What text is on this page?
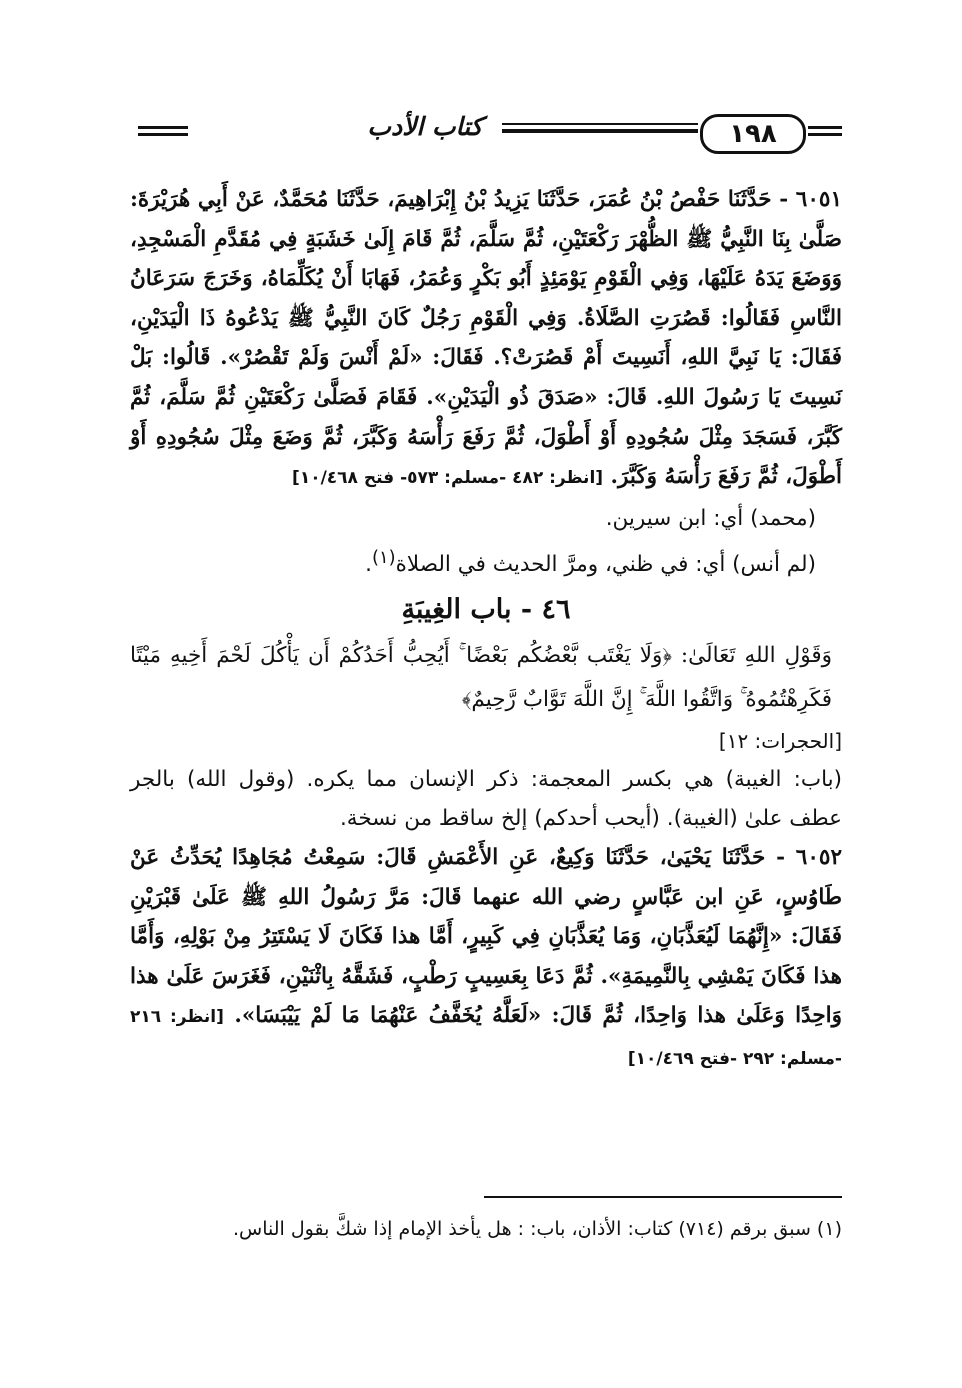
١٩٨
كتاب الأدب

٦٠٥١ - حَدَّثَنَا حَفْصُ بْنُ عُمَرَ، حَدَّثَنَا يَزِيدُ بْنُ إِبْرَاهِيمَ، حَدَّثَنَا مُحَمَّدٌ، عَنْ أَبِي هُرَيْرَةَ: صَلَّىٰ بِنَا النَّبِيُّ ﷺ الظُّهْرَ رَكْعَتَيْنِ، ثُمَّ سَلَّمَ، ثُمَّ قَامَ إِلَىٰ خَشَبَةٍ فِي مُقَدَّمِ الْمَسْجِدِ، وَوَضَعَ يَدَهُ عَلَيْهَا، وَفِي الْقَوْمِ يَوْمَئِذٍ أَبُو بَكْرٍ وَعُمَرُ، فَهَابَا أَنْ يُكَلِّمَاهُ، وَخَرَجَ سَرَعَانُ النَّاسِ فَقَالُوا: قَصُرَتِ الصَّلَاةُ. وَفِي الْقَوْمِ رَجُلٌ كَانَ النَّبِيُّ ﷺ يَدْعُوهُ ذَا الْيَدَيْنِ، فَقَالَ: يَا نَبِيَّ اللهِ، أَنَسِيتَ أَمْ قَصُرَتْ؟. فَقَالَ: «لَمْ أَنْسَ وَلَمْ تَقْصُرْ». قَالُوا: بَلْ نَسِيتَ يَا رَسُولَ اللهِ. قَالَ: «صَدَقَ ذُو الْيَدَيْنِ». فَقَامَ فَصَلَّىٰ رَكْعَتَيْنِ ثُمَّ سَلَّمَ، ثُمَّ كَبَّرَ، فَسَجَدَ مِثْلَ سُجُودِهِ أَوْ أَطْوَلَ، ثُمَّ رَفَعَ رَأْسَهُ وَكَبَّرَ، ثُمَّ وَضَعَ مِثْلَ سُجُودِهِ أَوْ أَطْوَلَ، ثُمَّ رَفَعَ رَأْسَهُ وَكَبَّرَ. [انظر: ٤٨٢ -مسلم: ٥٧٣- فتح ١٠/٤٦٨]

(محمد) أي: ابن سيرين.

(لم أنس) أي: في ظني، ومرَّ الحديث في الصلاة$^{(١)}$.

٤٦ - باب الغِيبَةِ

وَقَوْلِ اللهِ تَعَالَىٰ: ﴿وَلَا يَغْتَب بَّعْضُكُم بَعْضًا ۚ أَيُحِبُّ أَحَدُكُمْ أَن يَأْكُلَ لَحْمَ أَخِيهِ مَيْتًا فَكَرِهْتُمُوهُ ۚ وَاتَّقُوا اللَّهَ ۚ إِنَّ اللَّهَ تَوَّابٌ رَّحِيمٌ﴾

[الحجرات: ١٢]

(باب: الغيبة) هي بكسر المعجمة: ذكر الإنسان مما يكره. (وقول الله) بالجر عطف علىٰ (الغيبة). (أيحب أحدكم) إلخ ساقط من نسخة.

٦٠٥٢ - حَدَّثَنَا يَحْيَىٰ، حَدَّثَنَا وَكِيعٌ، عَنِ الأَعْمَشِ قَالَ: سَمِعْتُ مُجَاهِدًا يُحَدِّثُ عَنْ طَاوُسٍ، عَنِ ابن عَبَّاسٍ رضي الله عنهما قَالَ: مَرَّ رَسُولُ اللهِ ﷺ عَلَىٰ قَبْرَيْنِ فَقَالَ: «إِنَّهُمَا لَيُعَذَّبَانِ، وَمَا يُعَذَّبَانِ فِي كَبِيرٍ، أَمَّا هذا فَكَانَ لَا يَسْتَتِرُ مِنْ بَوْلِهِ، وَأَمَّا هذا فَكَانَ يَمْشِي بِالنَّمِيمَةِ». ثُمَّ دَعَا بِعَسِيبٍ رَطْبٍ، فَشَقَّهُ بِاثْنَيْنِ، فَغَرَسَ عَلَىٰ هذا وَاحِدًا وَعَلَىٰ هذا وَاحِدًا، ثُمَّ قَالَ: «لَعَلَّهُ يُخَفَّفُ عَنْهُمَا مَا لَمْ يَيْبَسَا». [انظر: ٢١٦ -مسلم: ٢٩٢ -فتح ١٠/٤٦٩]

(١) سبق برقم (٧١٤) كتاب: الأذان، باب: : هل يأخذ الإمام إذا شكَّ بقول الناس.
